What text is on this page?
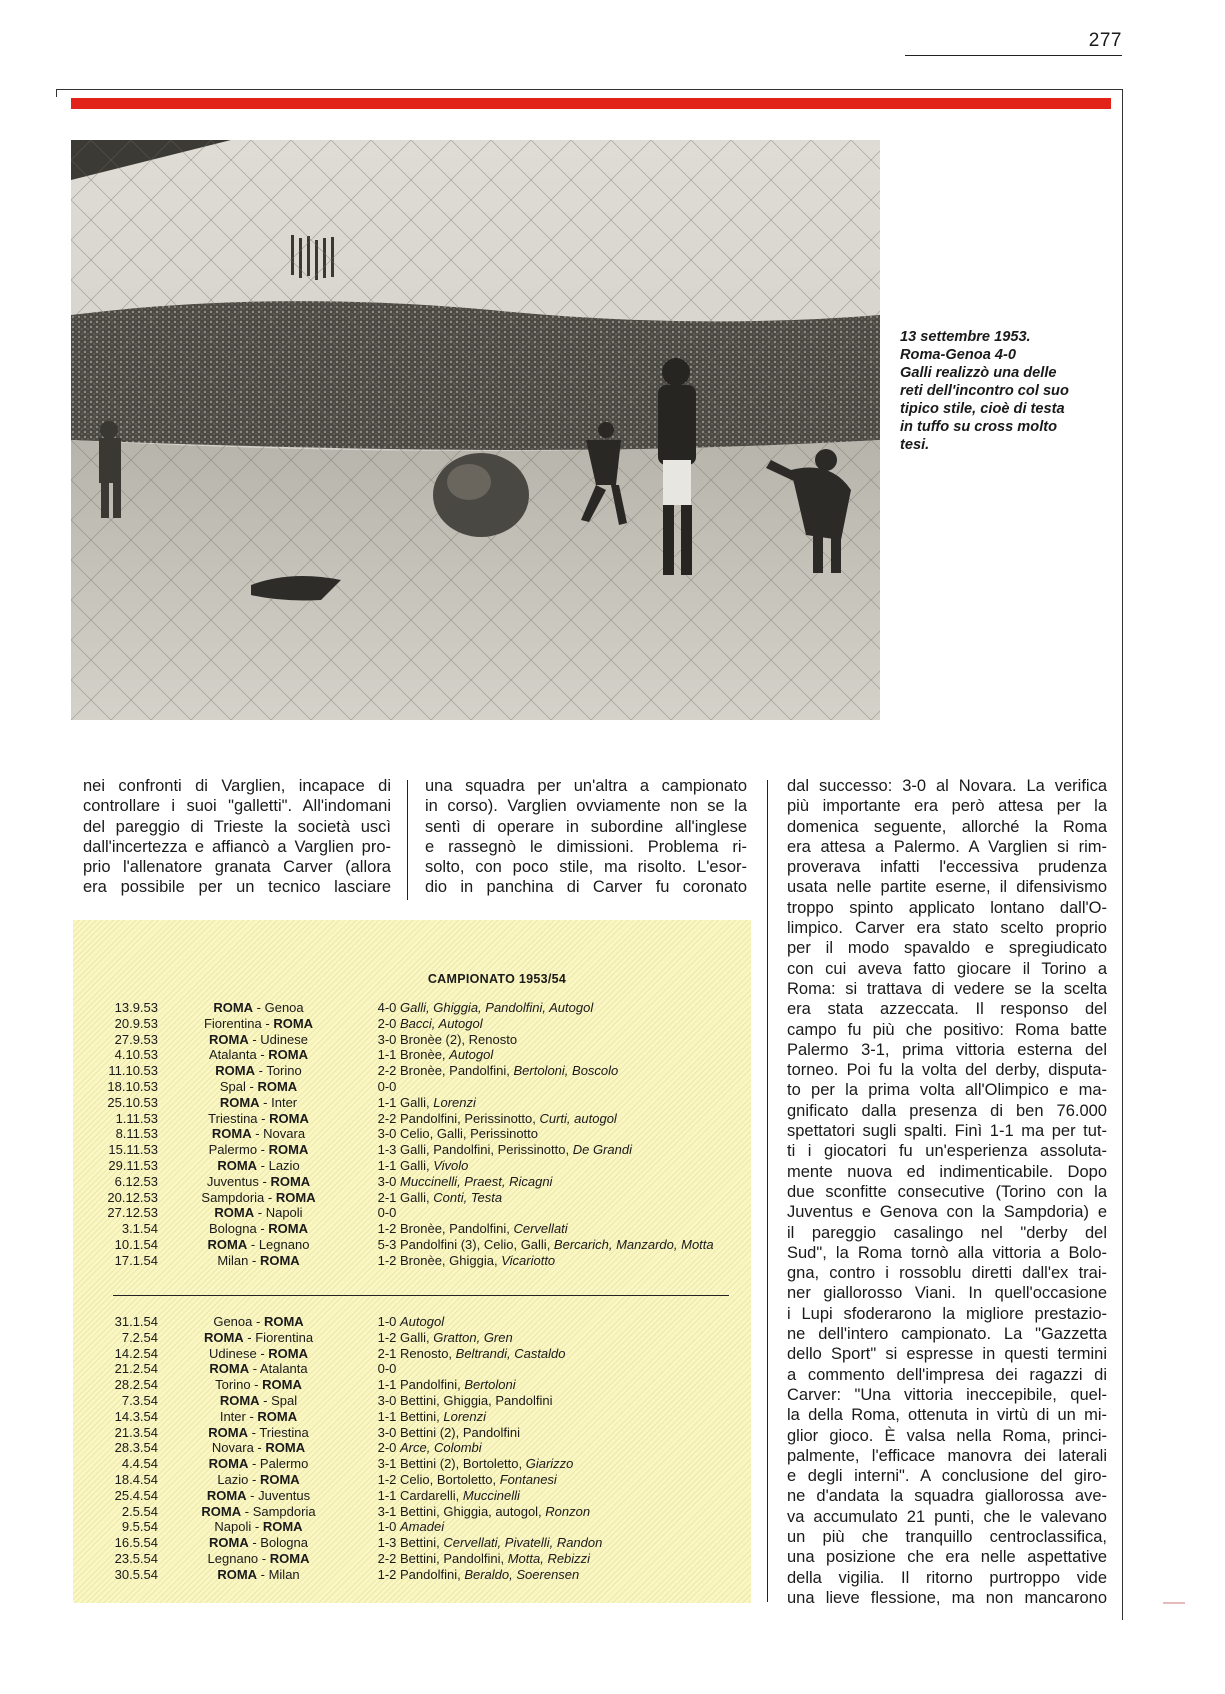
277
13 settembre 1953.
Roma-Genoa 4-0
Galli realizzò una delle
reti dell'incontro col suo
tipico stile, cioè di testa
in tuffo su cross molto
tesi.
nei confronti di Varglien, incapace di
controllare i suoi "galletti". All'indomani
del pareggio di Trieste la società uscì
dall'incertezza e affiancò a Varglien pro-
prio l'allenatore granata Carver (allora
era possibile per un tecnico lasciare
una squadra per un'altra a campionato
in corso). Varglien ovviamente non se la
sentì di operare in subordine all'inglese
e rassegnò le dimissioni. Problema ri-
solto, con poco stile, ma risolto. L'esor-
dio in panchina di Carver fu coronato
dal successo: 3-0 al Novara. La verifica
più importante era però attesa per la
domenica seguente, allorché la Roma
era attesa a Palermo. A Varglien si rim-
proverava infatti l'eccessiva prudenza
usata nelle partite eserne, il difensivismo
troppo spinto applicato lontano dall'O-
limpico. Carver era stato scelto proprio
per il modo spavaldo e spregiudicato
con cui aveva fatto giocare il Torino a
Roma: si trattava di vedere se la scelta
era stata azzeccata. Il responso del
campo fu più che positivo: Roma batte
Palermo 3-1, prima vittoria esterna del
torneo. Poi fu la volta del derby, disputa-
to per la prima volta all'Olimpico e ma-
gnificato dalla presenza di ben 76.000
spettatori sugli spalti. Finì 1-1 ma per tut-
ti i giocatori fu un'esperienza assoluta-
mente nuova ed indimenticabile. Dopo
due sconfitte consecutive (Torino con la
Juventus e Genova con la Sampdoria) e
il pareggio casalingo nel "derby del
Sud", la Roma tornò alla vittoria a Bolo-
gna, contro i rossoblu diretti dall'ex trai-
ner giallorosso Viani. In quell'occasione
i Lupi sfoderarono la migliore prestazio-
ne dell'intero campionato. La "Gazzetta
dello Sport" si espresse in questi termini
a commento dell'impresa dei ragazzi di
Carver: "Una vittoria ineccepibile, quel-
la della Roma, ottenuta in virtù di un mi-
glior gioco. È valsa nella Roma, princi-
palmente, l'efficace manovra dei laterali
e degli interni". A conclusione del giro-
ne d'andata la squadra giallorossa ave-
va accumulato 21 punti, che le valevano
un più che tranquillo centroclassifica,
una posizione che era nelle aspettative
della vigilia. Il ritorno purtroppo vide
una lieve flessione, ma non mancarono
CAMPIONATO 1953/54
13.9.53	ROMA - Genoa	4-0 Galli, Ghiggia, Pandolfini, Autogol
20.9.53	Fiorentina - ROMA	2-0 Bacci, Autogol
27.9.53	ROMA - Udinese	3-0 Bronèe (2), Renosto
4.10.53	Atalanta - ROMA	1-1 Bronèe, Autogol
11.10.53	ROMA - Torino	2-2 Bronèe, Pandolfini, Bertoloni, Boscolo
18.10.53	Spal - ROMA	0-0
25.10.53	ROMA - Inter	1-1 Galli, Lorenzi
1.11.53	Triestina - ROMA	2-2 Pandolfini, Perissinotto, Curti, autogol
8.11.53	ROMA - Novara	3-0 Celio, Galli, Perissinotto
15.11.53	Palermo - ROMA	1-3 Galli, Pandolfini, Perissinotto, De Grandi
29.11.53	ROMA - Lazio	1-1 Galli, Vivolo
6.12.53	Juventus - ROMA	3-0 Muccinelli, Praest, Ricagni
20.12.53	Sampdoria - ROMA	2-1 Galli, Conti, Testa
27.12.53	ROMA - Napoli	0-0
3.1.54	Bologna - ROMA	1-2 Bronèe, Pandolfini, Cervellati
10.1.54	ROMA - Legnano	5-3 Pandolfini (3), Celio, Galli, Bercarich, Manzardo, Motta
17.1.54	Milan - ROMA	1-2 Bronèe, Ghiggia, Vicariotto
31.1.54	Genoa - ROMA	1-0 Autogol
7.2.54	ROMA - Fiorentina	1-2 Galli, Gratton, Gren
14.2.54	Udinese - ROMA	2-1 Renosto, Beltrandi, Castaldo
21.2.54	ROMA - Atalanta	0-0
28.2.54	Torino - ROMA	1-1 Pandolfini, Bertoloni
7.3.54	ROMA - Spal	3-0 Bettini, Ghiggia, Pandolfini
14.3.54	Inter - ROMA	1-1 Bettini, Lorenzi
21.3.54	ROMA - Triestina	3-0 Bettini (2), Pandolfini
28.3.54	Novara - ROMA	2-0 Arce, Colombi
4.4.54	ROMA - Palermo	3-1 Bettini (2), Bortoletto, Giarizzo
18.4.54	Lazio - ROMA	1-2 Celio, Bortoletto, Fontanesi
25.4.54	ROMA - Juventus	1-1 Cardarelli, Muccinelli
2.5.54	ROMA - Sampdoria	3-1 Bettini, Ghiggia, autogol, Ronzon
9.5.54	Napoli - ROMA	1-0 Amadei
16.5.54	ROMA - Bologna	1-3 Bettini, Cervellati, Pivatelli, Randon
23.5.54	Legnano - ROMA	2-2 Bettini, Pandolfini, Motta, Rebizzi
30.5.54	ROMA - Milan	1-2 Pandolfini, Beraldo, Soerensen
